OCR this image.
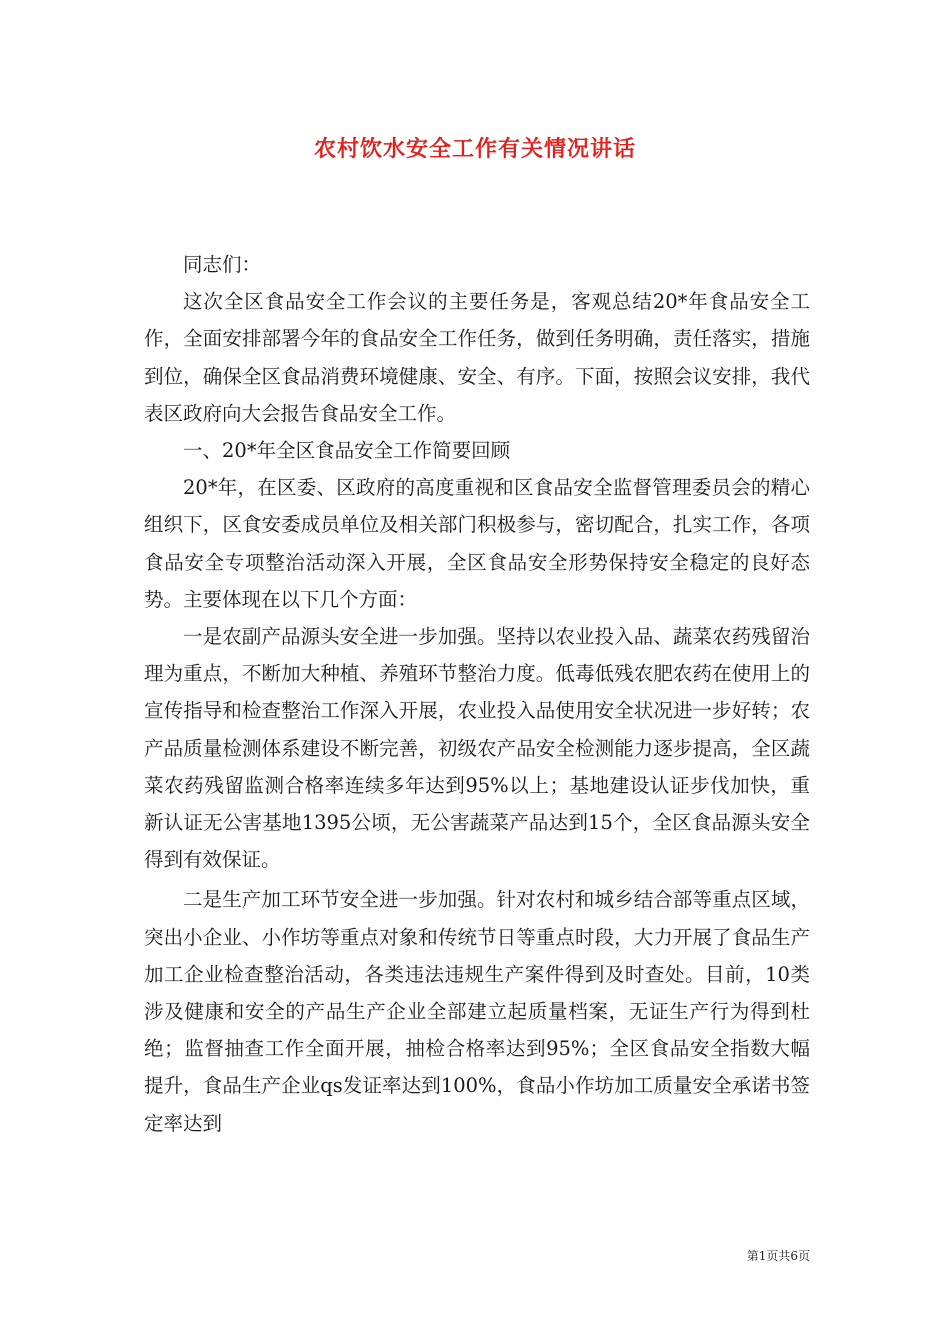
农村饮水安全工作有关情况讲话

同志们：

这次全区食品安全工作会议的主要任务是，客观总结20*年食品安全工作，全面安排部署今年的食品安全工作任务，做到任务明确，责任落实，措施到位，确保全区食品消费环境健康、安全、有序。下面，按照会议安排，我代表区政府向大会报告食品安全工作。

一、20*年全区食品安全工作简要回顾

20*年，在区委、区政府的高度重视和区食品安全监督管理委员会的精心组织下，区食安委成员单位及相关部门积极参与，密切配合，扎实工作，各项食品安全专项整治活动深入开展，全区食品安全形势保持安全稳定的良好态势。主要体现在以下几个方面：

一是农副产品源头安全进一步加强。坚持以农业投入品、蔬菜农药残留治理为重点，不断加大种植、养殖环节整治力度。低毒低残农肥农药在使用上的宣传指导和检查整治工作深入开展，农业投入品使用安全状况进一步好转；农产品质量检测体系建设不断完善，初级农产品安全检测能力逐步提高，全区蔬菜农药残留监测合格率连续多年达到95%以上；基地建设认证步伐加快，重新认证无公害基地1395公顷，无公害蔬菜产品达到15个，全区食品源头安全得到有效保证。

二是生产加工环节安全进一步加强。针对农村和城乡结合部等重点区域，突出小企业、小作坊等重点对象和传统节日等重点时段，大力开展了食品生产加工企业检查整治活动，各类违法违规生产案件得到及时查处。目前，10类涉及健康和安全的产品生产企业全部建立起质量档案，无证生产行为得到杜绝；监督抽查工作全面开展，抽检合格率达到95%；全区食品安全指数大幅提升，食品生产企业qs发证率达到100%，食品小作坊加工质量安全承诺书签定率达到

第1页共6页
